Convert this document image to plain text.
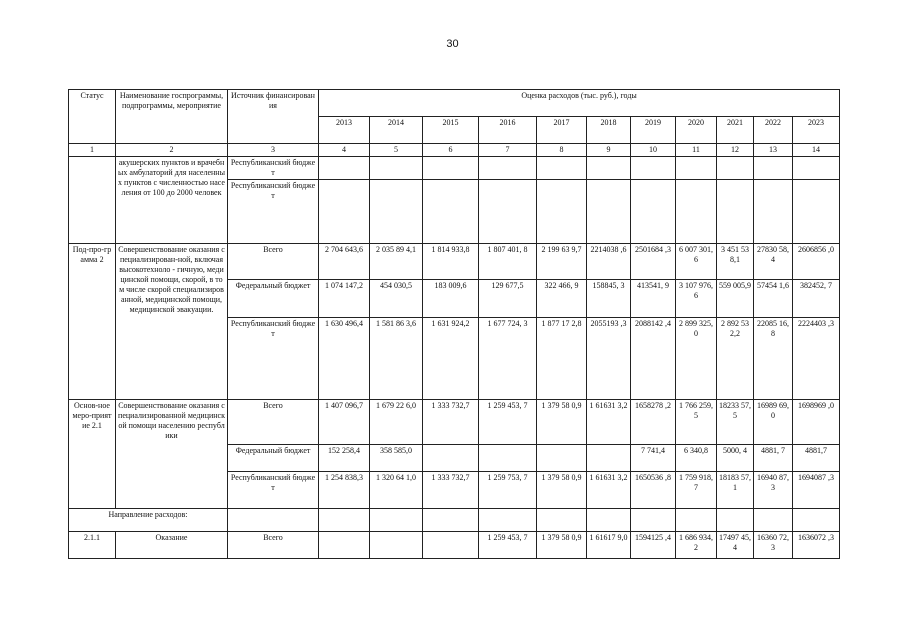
30
Статус	Наименование госпрограммы, подпрограммы, мероприятие	Источник финансирования	Оценка расходов (тыс. руб.), годы										
			2013	2014	2015	2016	2017	2018	2019	2020	2021	2022	2023
1	2	3	4	5	6	7	8	9	10	11	12	13	14
	акушерских пунктов и врачебных амбулаторий для населенных пунктов с численностью населения от 100 до 2000 человек	Республиканский бюджет											
		Республиканский бюджет											
Под-про-грамма 2	Совершенствование оказания специализирован-ной, включая высокотехноло - гичную, медицинской помощи, скорой, в том числе скорой специализированной, медицинской помощи, медицинской эвакуации.	Всего	2 704 643,6	2 035 89 4,1	1 814 933,8	1 807 401, 8	2 199 63 9,7	2214038 ,6	2501684 ,3	6 007 301,6	3 451 538,1	27830 58,4	2606856 ,0
		Федеральный бюджет	1 074 147,2	454 030,5	183 009,6	129 677,5	322 466, 9	158845, 3	413541, 9	3 107 976,6	559 005,9	57454 1,6	382452, 7
		Республиканский бюджет	1 630 496,4	1 581 86 3,6	1 631 924,2	1 677 724, 3	1 877 17 2,8	2055193 ,3	2088142 ,4	2 899 325,0	2 892 532,2	22085 16,8	2224403 ,3
Основ-ное меро-приятие 2.1	Совершенствование оказания специализированной медицинской помощи населению республики	Всего	1 407 096,7	1 679 22 6,0	1 333 732,7	1 259 453, 7	1 379 58 0,9	1 61631 3,2	1658278 ,2	1 766 259,5	18233 57,5	16989 69,0	1698969 ,0
		Федеральный бюджет	152 258,4	358 585,0					7 741,4	6 340,8	5000, 4	4881, 7	4881,7
		Республиканский бюджет	1 254 838,3	1 320 64 1,0	1 333 732,7	1 259 753, 7	1 379 58 0,9	1 61631 3,2	1650536 ,8	1 759 918,7	18183 57,1	16940 87,3	1694087 ,3
Направление расходов:													
2.1.1	Оказание	Всего				1 259 453, 7	1 379 58 0,9	1 61617 9,0	1594125 ,4	1 686 934,2	17497 45,4	16360 72,3	1636072 ,3
